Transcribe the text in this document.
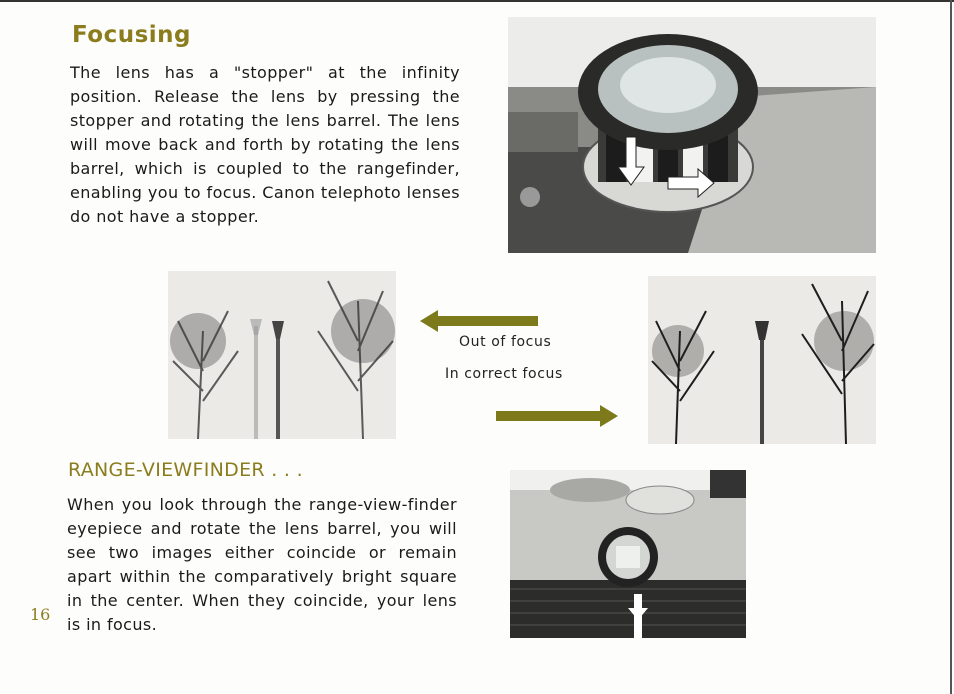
Focusing
The lens has a "stopper" at the infinity position. Release the lens by pressing the stopper and rotating the lens barrel. The lens will move back and forth by rotating the lens barrel, which is coupled to the rangefinder, enabling you to focus. Canon telephoto lenses do not have a stopper.
Out of focus
In correct focus
RANGE-VIEWFINDER . . .
When you look through the range-view-finder eyepiece and rotate the lens barrel, you will see two images either coincide or remain apart within the comparatively bright square in the center. When they coincide, your lens is in focus.
16
